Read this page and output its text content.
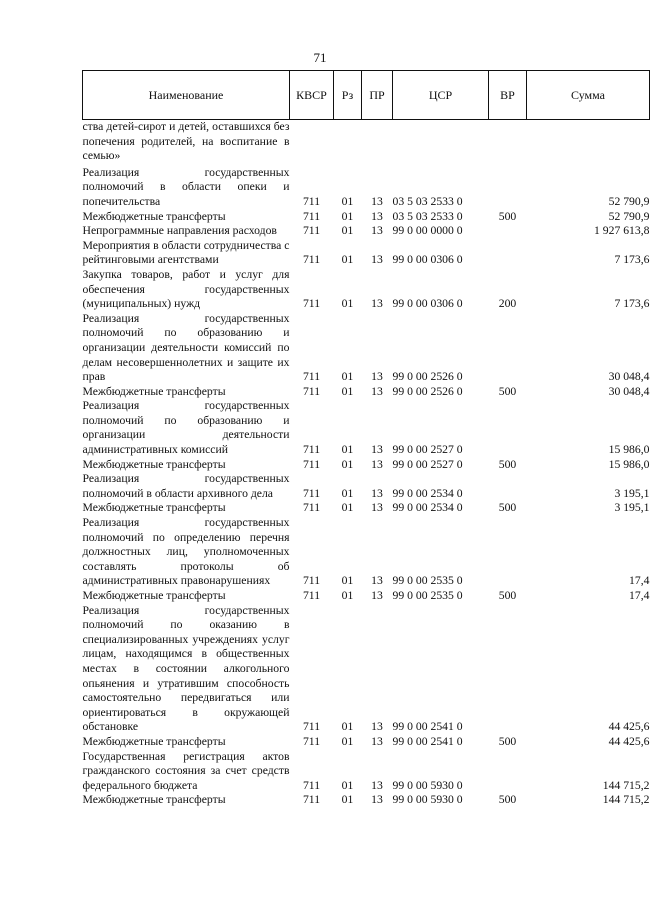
71
Наименование	КВСР	Рз	ПР	ЦСР	ВР	Сумма
ства детей-сирот и детей, оставшихся без попечения родителей, на воспитание в семью»						

Реализация государственных полномочий в области опеки и попечительства	711	01	13	03 5 03 2533 0		52 790,9
Межбюджетные трансферты	711	01	13	03 5 03 2533 0	500	52 790,9
Непрограммные направления расходов	711	01	13	99 0 00 0000 0		1 927 613,8
Мероприятия в области сотрудничества с рейтинговыми агентствами	711	01	13	99 0 00 0306 0		7 173,6
Закупка товаров, работ и услуг для обеспечения государственных (муниципальных) нужд	711	01	13	99 0 00 0306 0	200	7 173,6
Реализация государственных полномочий по образованию и организации деятельности комиссий по делам несовершеннолетних и защите их прав	711	01	13	99 0 00 2526 0		30 048,4
Межбюджетные трансферты	711	01	13	99 0 00 2526 0	500	30 048,4
Реализация государственных полномочий по образованию и организации деятельности административных комиссий	711	01	13	99 0 00 2527 0		15 986,0
Межбюджетные трансферты	711	01	13	99 0 00 2527 0	500	15 986,0
Реализация государственных полномочий в области архивного дела	711	01	13	99 0 00 2534 0		3 195,1
Межбюджетные трансферты	711	01	13	99 0 00 2534 0	500	3 195,1
Реализация государственных полномочий по определению перечня должностных лиц, уполномоченных составлять протоколы об административных правонарушениях	711	01	13	99 0 00 2535 0		17,4
Межбюджетные трансферты	711	01	13	99 0 00 2535 0	500	17,4
Реализация государственных полномочий по оказанию в специализированных учреждениях услуг лицам, находящимся в общественных местах в состоянии алкогольного опьянения и утратившим способность самостоятельно передвигаться или ориентироваться в окружающей обстановке	711	01	13	99 0 00 2541 0		44 425,6
Межбюджетные трансферты	711	01	13	99 0 00 2541 0	500	44 425,6
Государственная регистрация актов гражданского состояния за счет средств федерального бюджета	711	01	13	99 0 00 5930 0		144 715,2
Межбюджетные трансферты	711	01	13	99 0 00 5930 0	500	144 715,2
